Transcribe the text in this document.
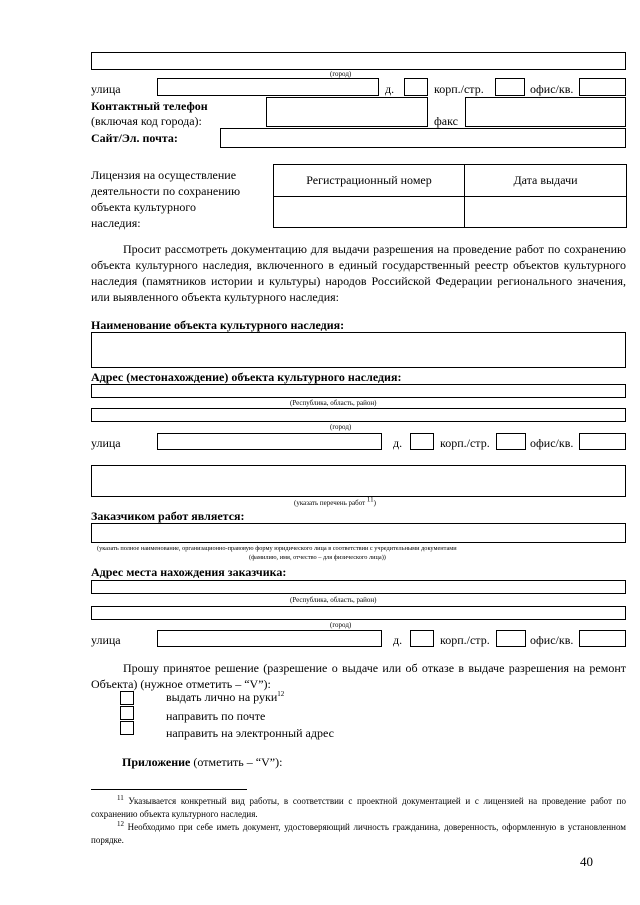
(город)
улица	д.	корп./стр.	офис/кв.
Контактный телефон
(включая код города):	факс
Сайт/Эл. почта:
Лицензия на осуществление
деятельности по сохранению
объекта культурного
наследия:
Регистрационный номер	Дата выдачи

Просит рассмотреть документацию для выдачи разрешения на проведение работ по сохранению объекта культурного наследия, включенного в единый государственный реестр объектов культурного наследия (памятников истории и культуры) народов Российской Федерации регионального значения, или выявленного объекта культурного наследия:
Наименование объекта культурного наследия:
Адрес (местонахождение) объекта культурного наследия:
(Республика, область, район)
(город)
улица	д.	корп./стр.	офис/кв.
(указать перечень работ $^{11}$)
Заказчиком работ является:
(указать полное наименование, организационно-правовую форму юридического лица в соответствии с учредительными документами
(фамилию, имя, отчество – для физического лица))
Адрес места нахождения заказчика:
(Республика, область, район)
(город)
улица	д.	корп./стр.	офис/кв.
Прошу принятое решение (разрешение о выдаче или об отказе в выдаче разрешения на ремонт Объекта) (нужное отметить – “V”):
выдать лично на руки$^{12}$
направить по почте
направить на электронный адрес
Приложение (отметить – “V”):
$^{11}$ Указывается конкретный вид работы, в соответствии с проектной документацией и с лицензией на проведение работ по сохранению объекта культурного наследия.
$^{12}$ Необходимо при себе иметь документ, удостоверяющий личность гражданина, доверенность, оформленную в установленном порядке.
40
